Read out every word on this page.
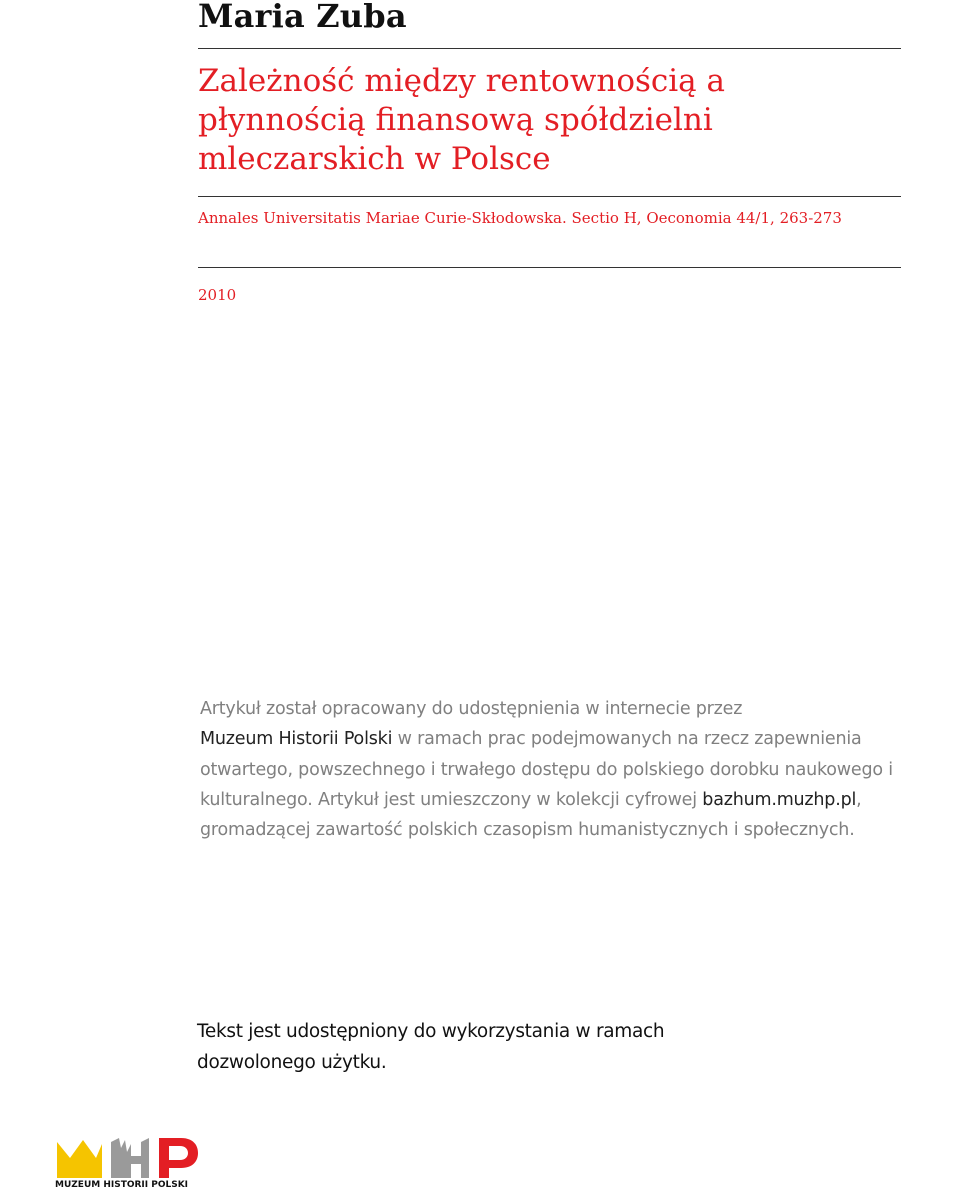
Maria Zuba
Zależność między rentownością a
płynnością finansową spółdzielni
mleczarskich w Polsce

Annales Universitatis Mariae Curie-Skłodowska. Sectio H, Oeconomia 44/1, 263-273

2010

Artykuł został opracowany do udostępnienia w internecie przez
Muzeum Historii Polski w ramach prac podejmowanych na rzecz zapewnienia otwartego, powszechnego i trwałego dostępu do polskiego dorobku naukowego i kulturalnego. Artykuł jest umieszczony w kolekcji cyfrowej bazhum.muzhp.pl, gromadzącej zawartość polskich czasopism humanistycznych i społecznych.

Tekst jest udostępniony do wykorzystania w ramach
dozwolonego użytku.

MUZEUM HISTORII POLSKI
